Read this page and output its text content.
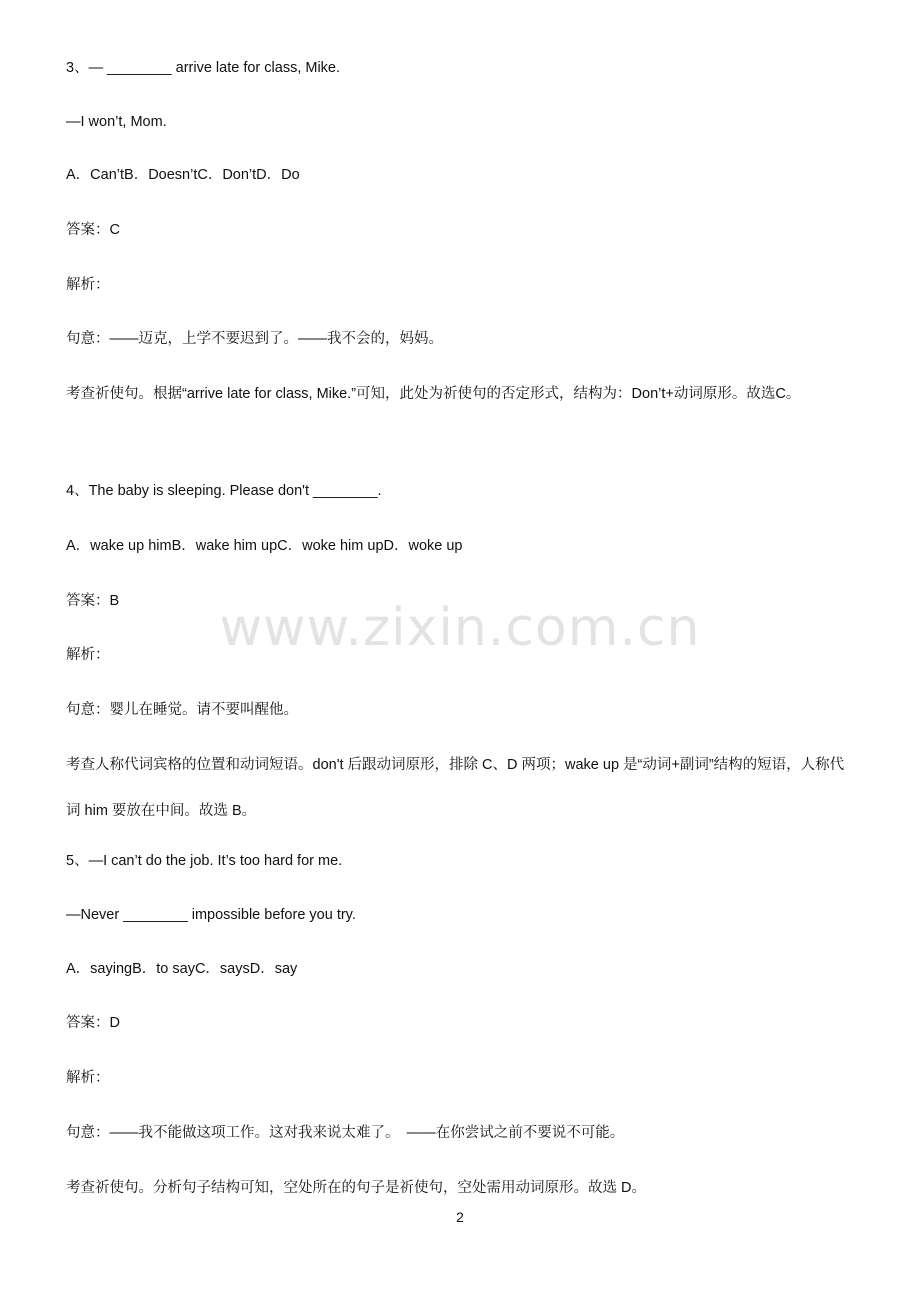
www.zixin.com.cn
3、— ________ arrive late for class, Mike.
—I won’t, Mom.
A．Can’tB．Doesn’tC．Don’tD．Do
答案：C
解析：
句意：——迈克，上学不要迟到了。——我不会的，妈妈。
考查祈使句。根据“arrive late for class, Mike.”可知，此处为祈使句的否定形式，结构为：Don’t+动词原形。故选C。
4、The baby is sleeping. Please don't ________.
A．wake up himB．wake him upC．woke him upD．woke up
答案：B
解析：
句意：婴儿在睡觉。请不要叫醒他。
考查人称代词宾格的位置和动词短语。don't 后跟动词原形，排除 C、D 两项；wake up 是“动词+副词”结构的短语，人称代词 him 要放在中间。故选 B。
5、—I can’t do the job. It’s too hard for me.
—Never ________ impossible before you try.
A．sayingB．to sayC．saysD．say
答案：D
解析：
句意：——我不能做这项工作。这对我来说太难了。　——在你尝试之前不要说不可能。
考查祈使句。分析句子结构可知，空处所在的句子是祈使句，空处需用动词原形。故选 D。
2
